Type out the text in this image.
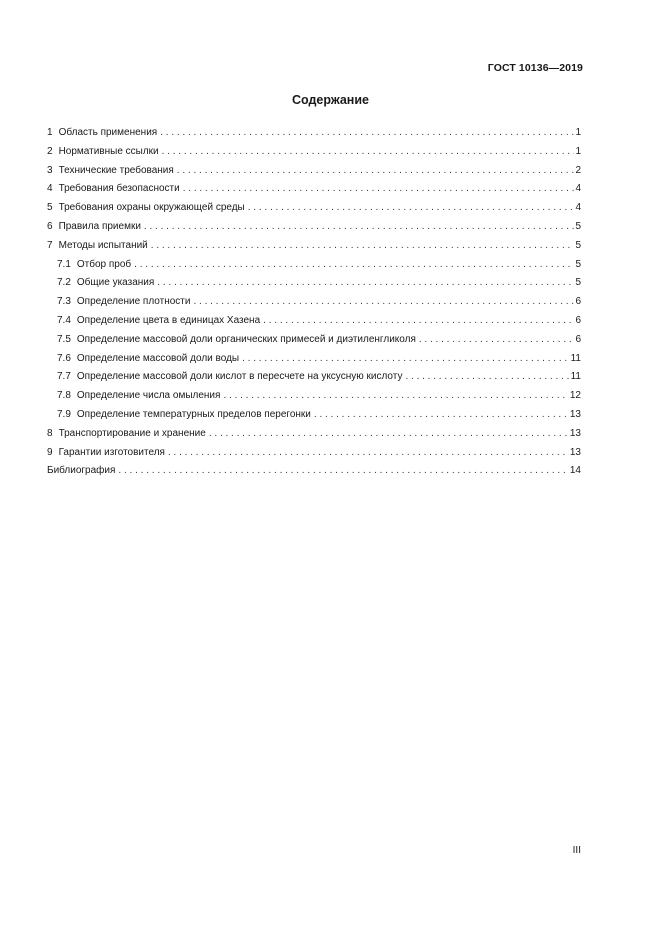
ГОСТ 10136—2019
Содержание
1 Область применения . . .	1
2 Нормативные ссылки . . .	1
3 Технические требования . . .	2
4 Требования безопасности . . .	4
5 Требования охраны окружающей среды . . .	4
6 Правила приемки . . .	5
7 Методы испытаний . . .	5
7.1 Отбор проб . . .	5
7.2 Общие указания . . .	5
7.3 Определение плотности . . .	6
7.4 Определение цвета в единицах Хазена . . .	6
7.5 Определение массовой доли органических примесей и диэтиленгликоля . . .	6
7.6 Определение массовой доли воды . . .	11
7.7 Определение массовой доли кислот в пересчете на уксусную кислоту . . .	11
7.8 Определение числа омыления . . .	12
7.9 Определение температурных пределов перегонки . . .	13
8 Транспортирование и хранение . . .	13
9 Гарантии изготовителя . . .	13
Библиография . . .	14
III
